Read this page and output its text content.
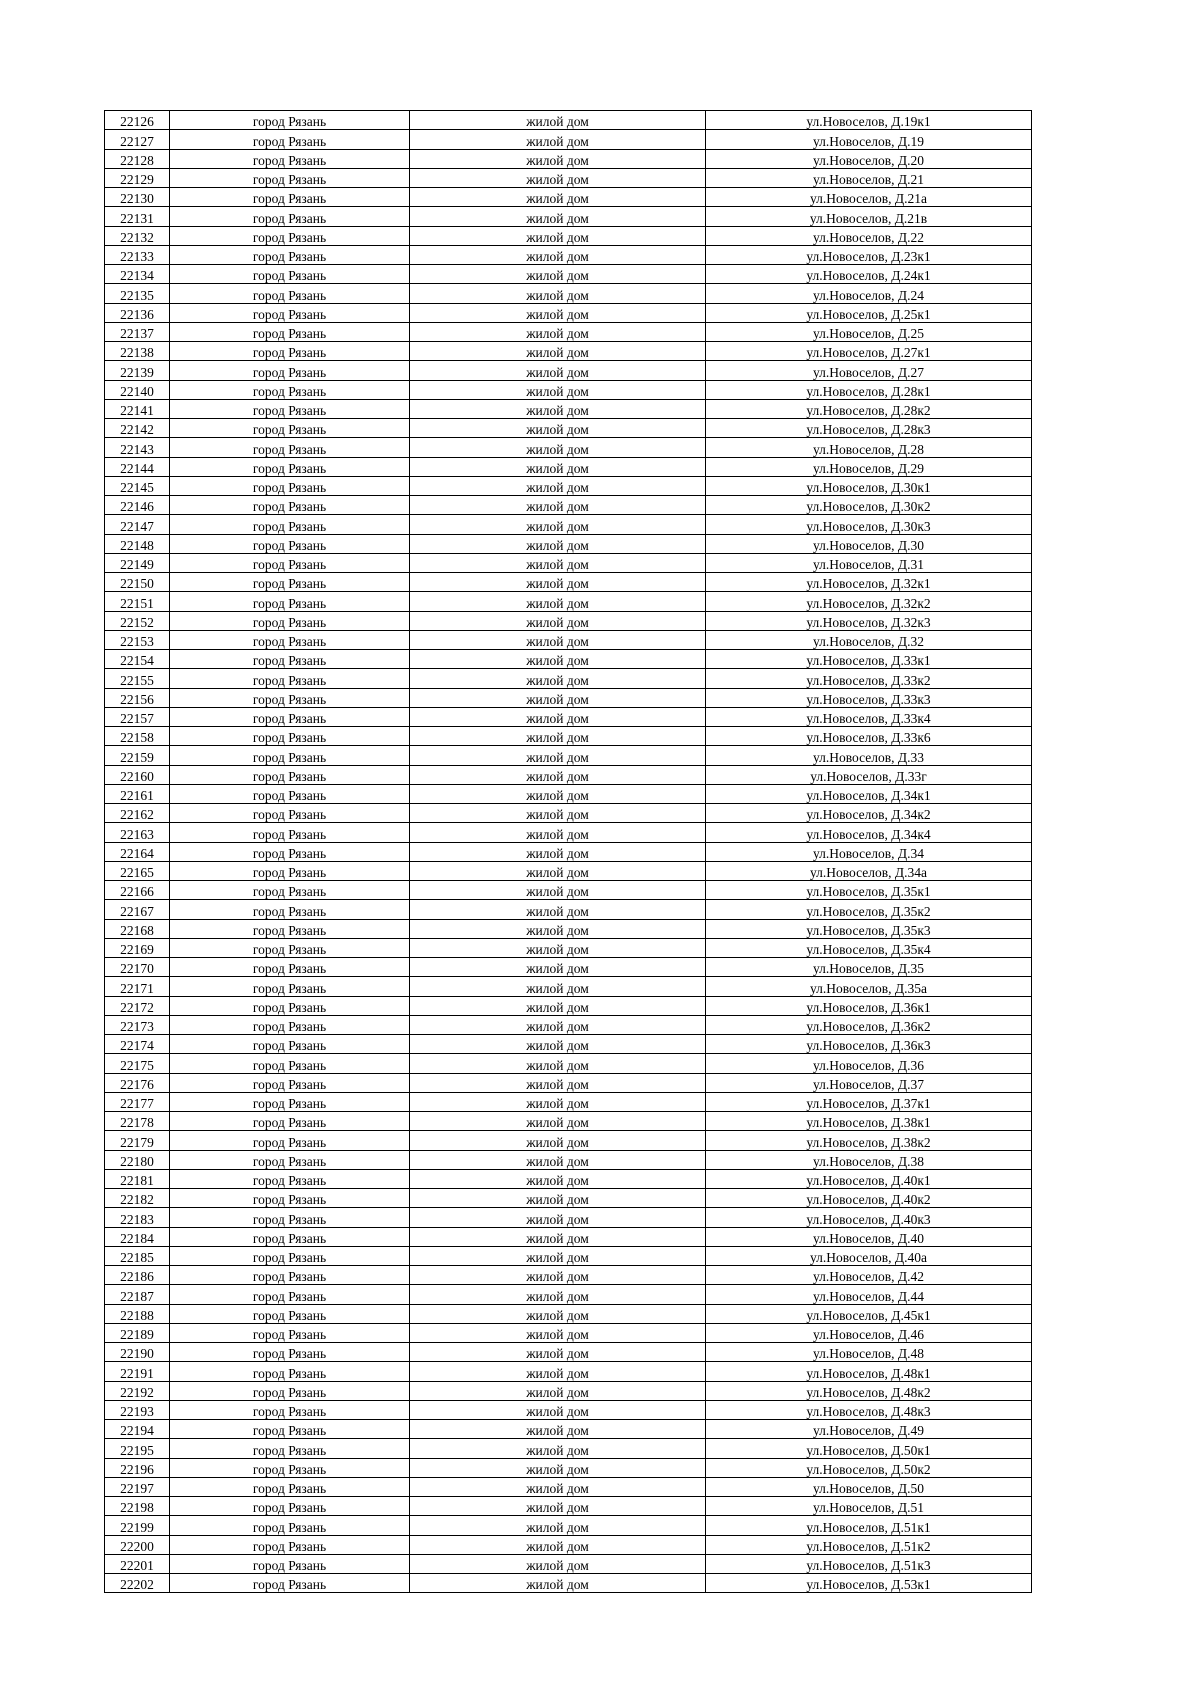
22126	город Рязань	жилой дом	ул.Новоселов, Д.19к1
22127	город Рязань	жилой дом	ул.Новоселов, Д.19
22128	город Рязань	жилой дом	ул.Новоселов, Д.20
22129	город Рязань	жилой дом	ул.Новоселов, Д.21
22130	город Рязань	жилой дом	ул.Новоселов, Д.21а
22131	город Рязань	жилой дом	ул.Новоселов, Д.21в
22132	город Рязань	жилой дом	ул.Новоселов, Д.22
22133	город Рязань	жилой дом	ул.Новоселов, Д.23к1
22134	город Рязань	жилой дом	ул.Новоселов, Д.24к1
22135	город Рязань	жилой дом	ул.Новоселов, Д.24
22136	город Рязань	жилой дом	ул.Новоселов, Д.25к1
22137	город Рязань	жилой дом	ул.Новоселов, Д.25
22138	город Рязань	жилой дом	ул.Новоселов, Д.27к1
22139	город Рязань	жилой дом	ул.Новоселов, Д.27
22140	город Рязань	жилой дом	ул.Новоселов, Д.28к1
22141	город Рязань	жилой дом	ул.Новоселов, Д.28к2
22142	город Рязань	жилой дом	ул.Новоселов, Д.28к3
22143	город Рязань	жилой дом	ул.Новоселов, Д.28
22144	город Рязань	жилой дом	ул.Новоселов, Д.29
22145	город Рязань	жилой дом	ул.Новоселов, Д.30к1
22146	город Рязань	жилой дом	ул.Новоселов, Д.30к2
22147	город Рязань	жилой дом	ул.Новоселов, Д.30к3
22148	город Рязань	жилой дом	ул.Новоселов, Д.30
22149	город Рязань	жилой дом	ул.Новоселов, Д.31
22150	город Рязань	жилой дом	ул.Новоселов, Д.32к1
22151	город Рязань	жилой дом	ул.Новоселов, Д.32к2
22152	город Рязань	жилой дом	ул.Новоселов, Д.32к3
22153	город Рязань	жилой дом	ул.Новоселов, Д.32
22154	город Рязань	жилой дом	ул.Новоселов, Д.33к1
22155	город Рязань	жилой дом	ул.Новоселов, Д.33к2
22156	город Рязань	жилой дом	ул.Новоселов, Д.33к3
22157	город Рязань	жилой дом	ул.Новоселов, Д.33к4
22158	город Рязань	жилой дом	ул.Новоселов, Д.33к6
22159	город Рязань	жилой дом	ул.Новоселов, Д.33
22160	город Рязань	жилой дом	ул.Новоселов, Д.33г
22161	город Рязань	жилой дом	ул.Новоселов, Д.34к1
22162	город Рязань	жилой дом	ул.Новоселов, Д.34к2
22163	город Рязань	жилой дом	ул.Новоселов, Д.34к4
22164	город Рязань	жилой дом	ул.Новоселов, Д.34
22165	город Рязань	жилой дом	ул.Новоселов, Д.34а
22166	город Рязань	жилой дом	ул.Новоселов, Д.35к1
22167	город Рязань	жилой дом	ул.Новоселов, Д.35к2
22168	город Рязань	жилой дом	ул.Новоселов, Д.35к3
22169	город Рязань	жилой дом	ул.Новоселов, Д.35к4
22170	город Рязань	жилой дом	ул.Новоселов, Д.35
22171	город Рязань	жилой дом	ул.Новоселов, Д.35а
22172	город Рязань	жилой дом	ул.Новоселов, Д.36к1
22173	город Рязань	жилой дом	ул.Новоселов, Д.36к2
22174	город Рязань	жилой дом	ул.Новоселов, Д.36к3
22175	город Рязань	жилой дом	ул.Новоселов, Д.36
22176	город Рязань	жилой дом	ул.Новоселов, Д.37
22177	город Рязань	жилой дом	ул.Новоселов, Д.37к1
22178	город Рязань	жилой дом	ул.Новоселов, Д.38к1
22179	город Рязань	жилой дом	ул.Новоселов, Д.38к2
22180	город Рязань	жилой дом	ул.Новоселов, Д.38
22181	город Рязань	жилой дом	ул.Новоселов, Д.40к1
22182	город Рязань	жилой дом	ул.Новоселов, Д.40к2
22183	город Рязань	жилой дом	ул.Новоселов, Д.40к3
22184	город Рязань	жилой дом	ул.Новоселов, Д.40
22185	город Рязань	жилой дом	ул.Новоселов, Д.40а
22186	город Рязань	жилой дом	ул.Новоселов, Д.42
22187	город Рязань	жилой дом	ул.Новоселов, Д.44
22188	город Рязань	жилой дом	ул.Новоселов, Д.45к1
22189	город Рязань	жилой дом	ул.Новоселов, Д.46
22190	город Рязань	жилой дом	ул.Новоселов, Д.48
22191	город Рязань	жилой дом	ул.Новоселов, Д.48к1
22192	город Рязань	жилой дом	ул.Новоселов, Д.48к2
22193	город Рязань	жилой дом	ул.Новоселов, Д.48к3
22194	город Рязань	жилой дом	ул.Новоселов, Д.49
22195	город Рязань	жилой дом	ул.Новоселов, Д.50к1
22196	город Рязань	жилой дом	ул.Новоселов, Д.50к2
22197	город Рязань	жилой дом	ул.Новоселов, Д.50
22198	город Рязань	жилой дом	ул.Новоселов, Д.51
22199	город Рязань	жилой дом	ул.Новоселов, Д.51к1
22200	город Рязань	жилой дом	ул.Новоселов, Д.51к2
22201	город Рязань	жилой дом	ул.Новоселов, Д.51к3
22202	город Рязань	жилой дом	ул.Новоселов, Д.53к1
